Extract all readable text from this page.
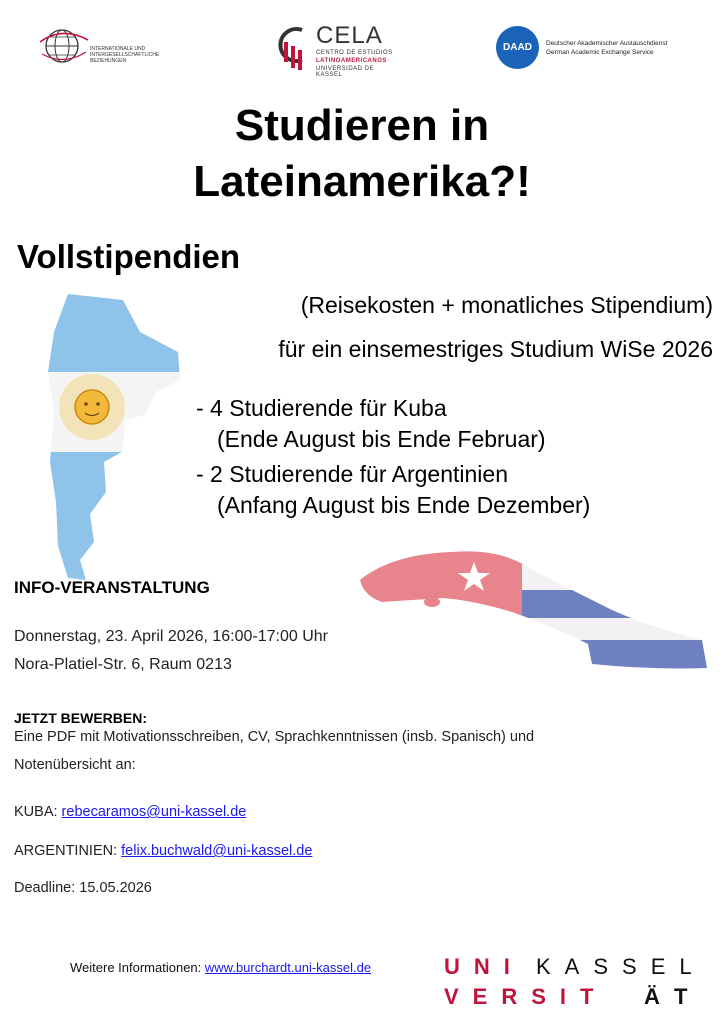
INTERNATIONALE UND INTERGESELLSCHAFTLICHE BEZIEHUNGEN
CELA
CENTRO DE ESTUDIOS
LATINOAMERICANOS
UNIVERSIDAD DE KASSEL
DAAD	Deutscher Akademischer Austauschdienst
German Academic Exchange Service
Studieren in
Lateinamerika?!
Vollstipendien
(Reisekosten + monatliches Stipendium)
für ein einsemestriges Studium WiSe 2026
- 4 Studierende für Kuba
(Ende August bis Ende Februar)
- 2 Studierende für Argentinien
(Anfang August bis Ende Dezember)
INFO-VERANSTALTUNG
Donnerstag, 23. April 2026, 16:00-17:00 Uhr
Nora-Platiel-Str. 6, Raum 0213
JETZT BEWERBEN:
Eine PDF mit Motivationsschreiben, CV, Sprachkenntnissen (insb. Spanisch) und
Notenübersicht an:
KUBA: rebecaramos@uni-kassel.de
ARGENTINIEN: felix.buchwald@uni-kassel.de
Deadline: 15.05.2026
Weitere Informationen: www.burchardt.uni-kassel.de	UNI KASSEL
VERSIT Ä T
